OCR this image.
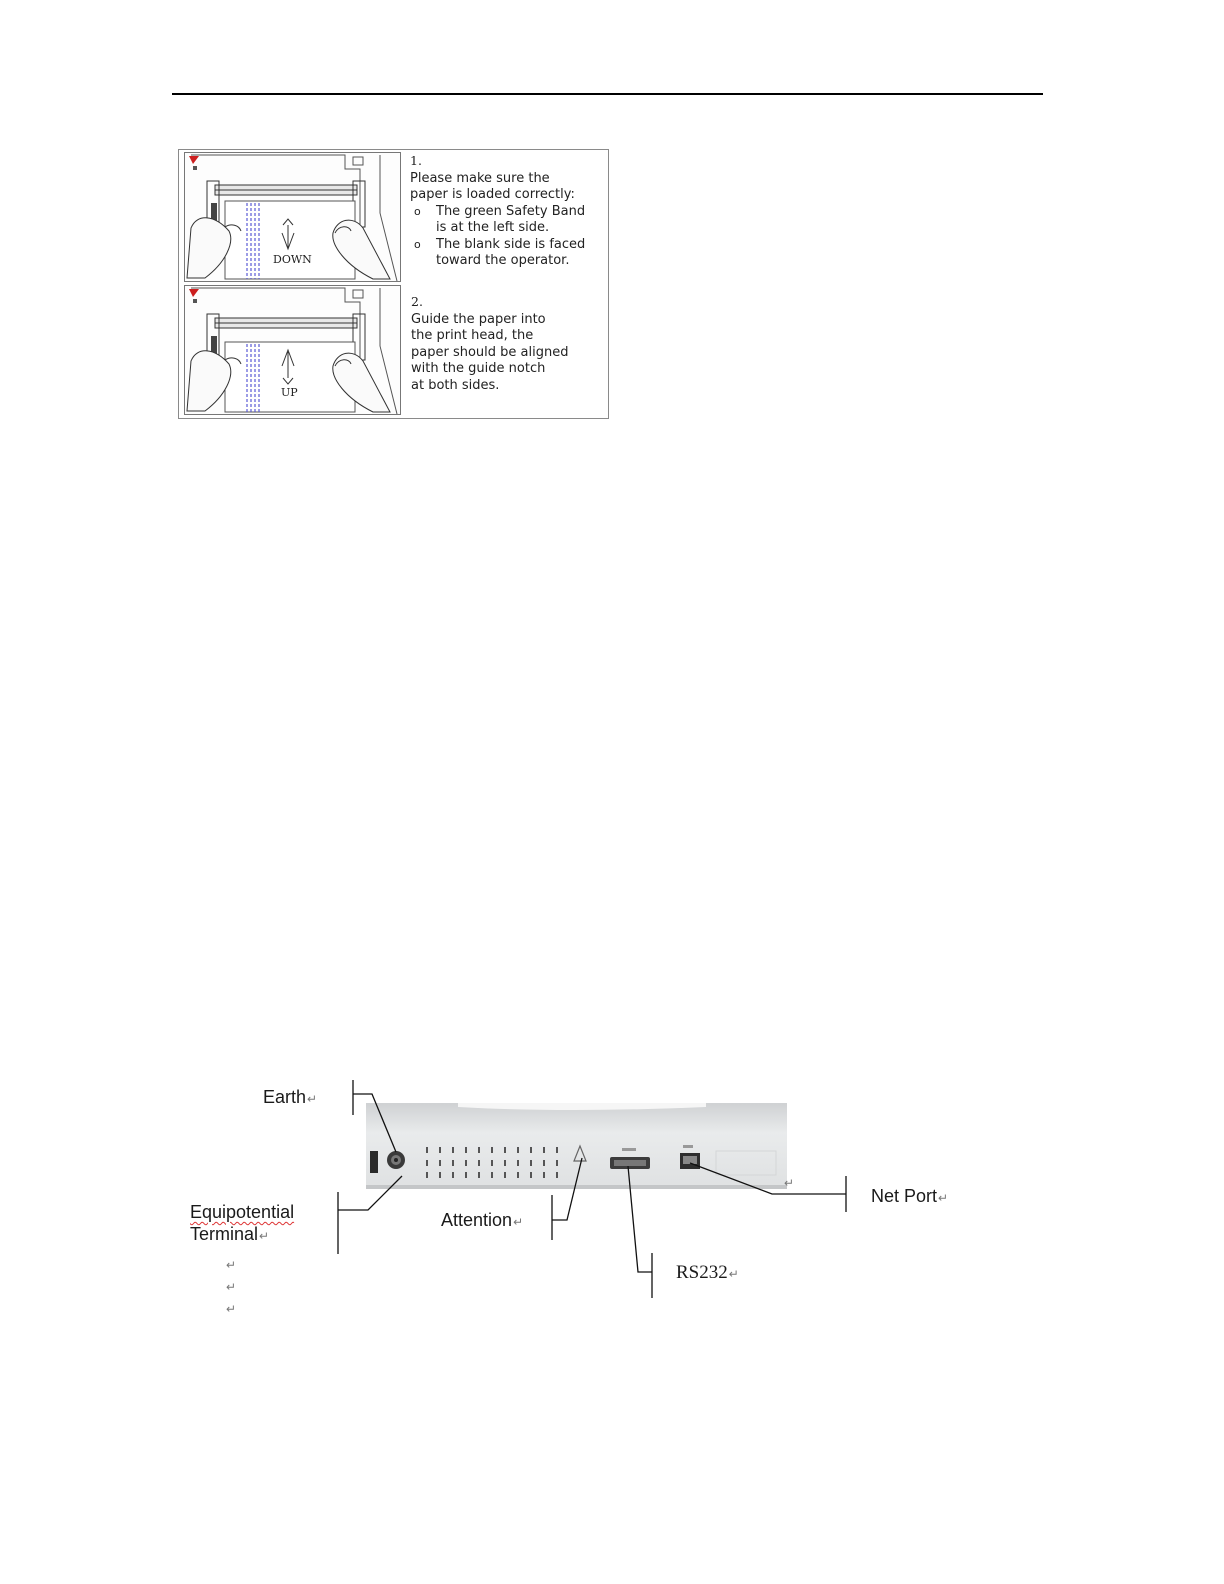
DOWN
UP
1.
Please make sure the
paper is loaded correctly:
o	The green Safety Band
is at the left side.
o	The blank side is faced
toward the operator.
2.
Guide the paper into
the print head, the
paper should be aligned
with the guide notch
at both sides.
Earth↵
Equipotential
Terminal↵
Attention↵
RS232↵
Net Port↵
↵
↵
↵
↵
